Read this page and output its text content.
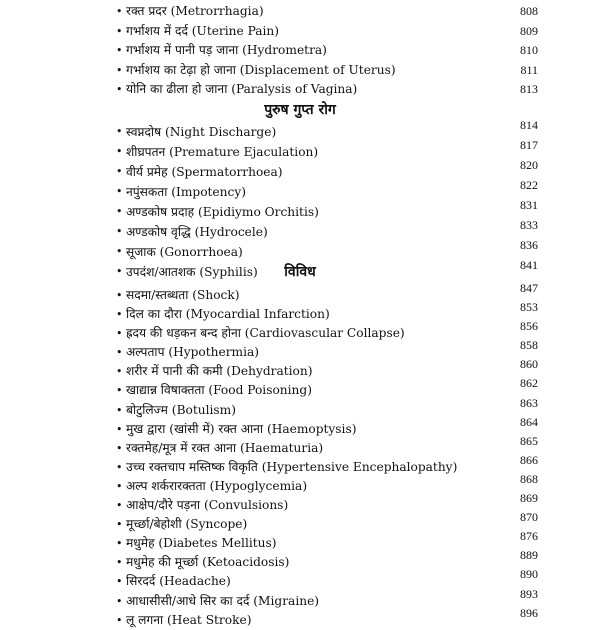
• रक्त प्रदर (Metrorrhagia)	808
• गर्भाशय में दर्द (Uterine Pain)	809
• गर्भाशय में पानी पड़ जाना (Hydrometra)	810
• गर्भाशय का टेढ़ा हो जाना (Displacement of Uterus)	811
• योनि का ढीला हो जाना (Paralysis of Vagina)	813
पुरुष गुप्त रोग
• स्वप्नदोष (Night Discharge)	814
• शीघ्रपतन (Premature Ejaculation)	817
• वीर्य प्रमेह (Spermatorrhoea)	820
• नपुंसकता (Impotency)	822
• अण्डकोष प्रदाह (Epidiymo Orchitis)	831
• अण्डकोष वृद्धि (Hydrocele)	833
• सूजाक (Gonorrhoea)	836
• उपदंश/आतशक (Syphilis)	841
विविध
• सदमा/स्तब्धता (Shock)	847
• दिल का दौरा (Myocardial Infarction)	853
• ह्रदय की धड़कन बन्द होना (Cardiovascular Collapse)	856
• अल्पताप (Hypothermia)	858
• शरीर में पानी की कमी (Dehydration)	860
• खाद्यान्न विषाक्तता (Food Poisoning)	862
• बोटुलिज्म (Botulism)	863
• मुख द्वारा (खांसी में) रक्त आना (Haemoptysis)	864
• रक्तमेह/मूत्र में रक्त आना (Haematuria)	865
• उच्च रक्तचाप मस्तिष्क विकृति (Hypertensive Encephalopathy)	866
• अल्प शर्करारक्तता (Hypoglycemia)	868
• आक्षेप/दौरे पड़ना (Convulsions)	869
• मूर्च्छा/बेहोशी (Syncope)	870
• मधुमेह (Diabetes Mellitus)	876
• मधुमेह की मूर्च्छा (Ketoacidosis)	889
• सिरदर्द (Headache)	890
• आधासीसी/आधे सिर का दर्द (Migraine)	893
• लू लगना (Heat Stroke)	896
